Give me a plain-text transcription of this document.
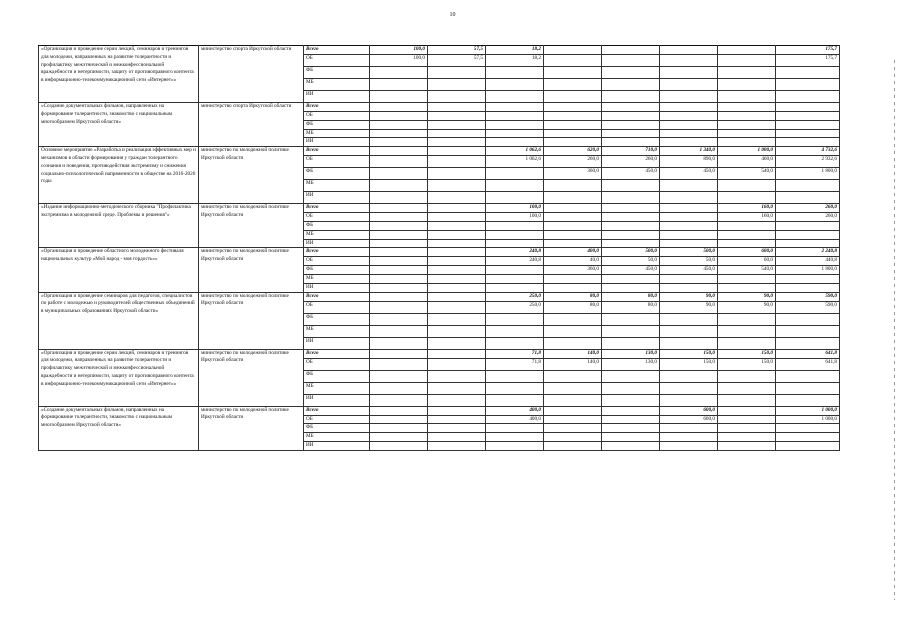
10
«Организация и проведение серии лекций, семинаров и тренингов для молодежи, направленных на развитие толерантности и профилактику межэтнической и межконфессиональной враждебности и нетерпимости, защиту от противоправного контента в информационно-телекоммуникационной сети «Интернет»»	министерство спорта Иркутской области	Всего	100,0	57,5	18,2					175,7
		ОБ	100,0	57,5	18,2					175,7
		ФБ								
		МБ								
		ИИ								
«Создание документальных фильмов, направленных на формирование толерантности, знакомство с национальным многообразием Иркутской области»	министерство спорта Иркутской области	Всего								
		ОБ								
		ФБ								
		МБ								
		ИИ								
Основное мероприятие «Разработка и реализация эффективных мер и механизмов в области формирования у граждан толерантного сознания и поведения, противодействия экстремизму и снижения социально-психологической напряженности в обществе на 2016-2020 годы	министерство по молодежной политике Иркутской области	Всего			1 062,6	620,0	710,0	1 340,0	1 000,0	4 732,6
		ОБ			1 062,6	260,0	260,0	890,0	460,0	2 932,6
		ФБ				360,0	450,0	450,0	540,0	1 800,0
		МБ								
		ИИ								
«Издание информационно-методического сборника "Профилактика экстремизма в молодежной среде. Проблемы и решения"»	министерство по молодежной политике Иркутской области	Всего			100,0				160,0	260,0
		ОБ			100,0				160,0	260,0
		ФБ								
		МБ								
		ИИ								
«Организация и проведение областного молодежного фестиваля национальных культур «Мой народ - моя гордость»»	министерство по молодежной политике Иркутской области	Всего			240,8	400,0	500,0	500,0	600,0	2 240,8
		ОБ			240,8	40,0	50,0	50,0	60,0	440,8
		ФБ				360,0	450,0	450,0	540,0	1 800,0
		МБ								
		ИИ								
«Организация и проведение семинаров для педагогов, специалистов по работе с молодежью и руководителей общественных объединений в муниципальных образованиях Иркутской области»	министерство по молодежной политике Иркутской области	Всего			250,0	80,0	80,0	90,0	90,0	590,0
		ОБ			250,0	80,0	80,0	90,0	90,0	590,0
		ФБ								
		МБ								
		ИИ								
«Организация и проведение серии лекций, семинаров и тренингов для молодежи, направленных на развитие толерантности и профилактику межэтнической и межконфессиональной враждебности и нетерпимости, защиту от противоправного контента в информационно-телекоммуникационной сети «Интернет»»	министерство по молодежной политике Иркутской области	Всего			71,8	140,0	130,0	150,0	150,0	641,8
		ОБ			71,8	140,0	130,0	150,0	150,0	641,8
		ФБ								
		МБ								
		ИИ								
«Создание документальных фильмов, направленных на формирование толерантности, знакомство с национальным многообразием Иркутской области»	министерство по молодежной политике Иркутской области	Всего			400,0			600,0		1 000,0
		ОБ			400,0			600,0		1 000,0
		ФБ								
		МБ								
		ИИ								
